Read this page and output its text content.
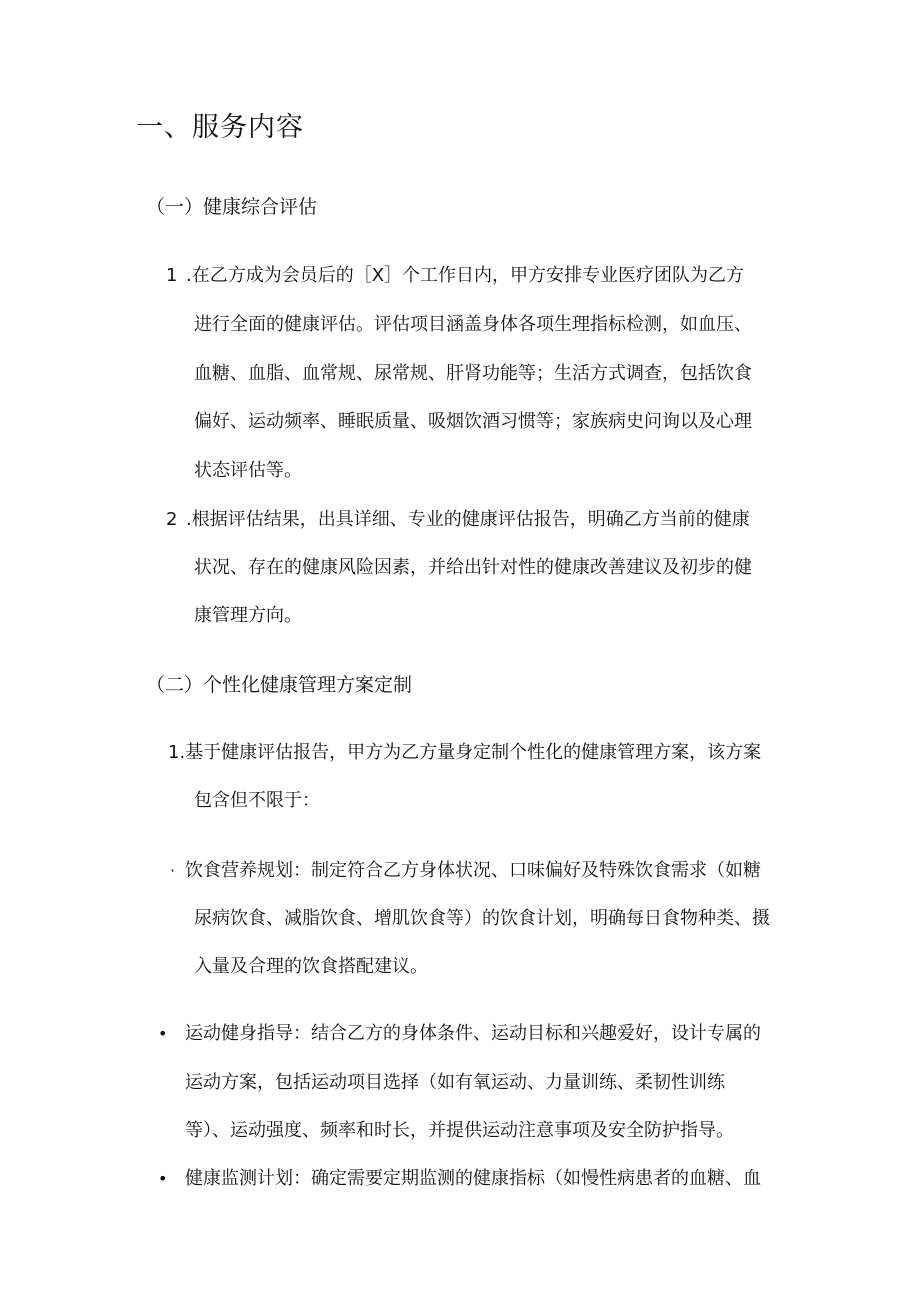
一、服务内容
（一）健康综合评估
1 .在乙方成为会员后的［X］个工作日内，甲方安排专业医疗团队为乙方
进行全面的健康评估。评估项目涵盖身体各项生理指标检测，如血压、
血糖、血脂、血常规、尿常规、肝肾功能等；生活方式调查，包括饮食
偏好、运动频率、睡眠质量、吸烟饮酒习惯等；家族病史问询以及心理
状态评估等。
2 .根据评估结果，出具详细、专业的健康评估报告，明确乙方当前的健康
状况、存在的健康风险因素，并给出针对性的健康改善建议及初步的健
康管理方向。
（二）个性化健康管理方案定制
1.基于健康评估报告，甲方为乙方量身定制个性化的健康管理方案，该方案
包含但不限于：
· 饮食营养规划：制定符合乙方身体状况、口味偏好及特殊饮食需求（如糖
尿病饮食、减脂饮食、增肌饮食等）的饮食计划，明确每日食物种类、摄
入量及合理的饮食搭配建议。
• 运动健身指导：结合乙方的身体条件、运动目标和兴趣爱好，设计专属的
运动方案，包括运动项目选择（如有氧运动、力量训练、柔韧性训练
等）、运动强度、频率和时长，并提供运动注意事项及安全防护指导。
• 健康监测计划：确定需要定期监测的健康指标（如慢性病患者的血糖、血
